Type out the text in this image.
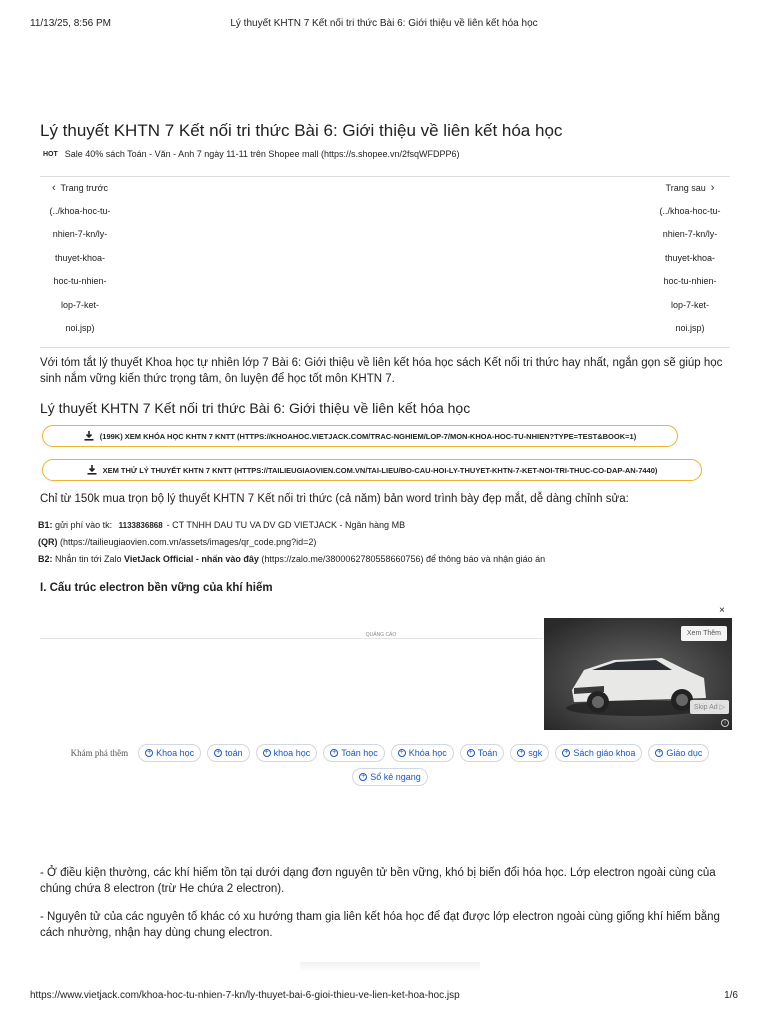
11/13/25, 8:56 PM	Lý thuyết KHTN 7 Kết nối tri thức Bài 6: Giới thiệu về liên kết hóa học
Lý thuyết KHTN 7 Kết nối tri thức Bài 6: Giới thiệu về liên kết hóa học
HOT Sale 40% sách Toán - Văn - Anh 7 ngày 11-11 trên Shopee mall (https://s.shopee.vn/2fsqWFDPP6)
‹ Trang trước
(../khoa-hoc-tu-
nhien-7-kn/ly-
thuyet-khoa-
hoc-tu-nhien-
lop-7-ket-
noi.jsp)
Trang sau ›
(../khoa-hoc-tu-
nhien-7-kn/ly-
thuyet-khoa-
hoc-tu-nhien-
lop-7-ket-
noi.jsp)

Với tóm tắt lý thuyết Khoa học tự nhiên lớp 7 Bài 6: Giới thiệu về liên kết hóa học sách Kết nối tri thức hay nhất, ngắn gọn sẽ giúp học sinh nắm vững kiến thức trọng tâm, ôn luyện để học tốt môn KHTN 7.

Lý thuyết KHTN 7 Kết nối tri thức Bài 6: Giới thiệu về liên kết hóa học
(199K) XEM KHÓA HỌC KHTN 7 KNTT (HTTPS://KHOAHOC.VIETJACK.COM/TRAC-NGHIEM/LOP-7/MON-KHOA-HOC-TU-NHIEN?TYPE=TEST&BOOK=1)
XEM THỬ LÝ THUYẾT KHTN 7 KNTT (HTTPS://TAILIEUGIAOVIEN.COM.VN/TAI-LIEU/BO-CAU-HOI-LY-THUYET-KHTN-7-KET-NOI-TRI-THUC-CO-DAP-AN-7440)

Chỉ từ 150k mua trọn bộ lý thuyết KHTN 7 Kết nối tri thức (cả năm) bản word trình bày đẹp mắt, dễ dàng chỉnh sửa:

B1: gửi phí vào tk: 1133836868 - CT TNHH DAU TU VA DV GD VIETJACK - Ngân hàng MB
(QR) (https://tailieugiaovien.com.vn/assets/images/qr_code.png?id=2)
B2: Nhắn tin tới Zalo VietJack Official - nhấn vào đây (https://zalo.me/3800062780558660756) để thông báo và nhận giáo án
I. Cấu trúc electron bền vững của khí hiếm
×
QUẢNG CÁO	Xem Thêm
Skip Ad ▷
i
Khám phá thêm	+ Khoa học	+ toán	+ khoa học	+ Toán học	+ Khóa học	+ Toán	+ sgk	+ Sách giáo khoa	+ Giáo dục
+ Sổ kẻ ngang

- Ở điều kiện thường, các khí hiếm tồn tại dưới dạng đơn nguyên tử bền vững, khó bị biến đổi hóa học. Lớp electron ngoài cùng của chúng chứa 8 electron (trừ He chứa 2 electron).

- Nguyên tử của các nguyên tố khác có xu hướng tham gia liên kết hóa học để đạt được lớp electron ngoài cùng giống khí hiếm bằng cách nhường, nhận hay dùng chung electron.

https://www.vietjack.com/khoa-hoc-tu-nhien-7-kn/ly-thuyet-bai-6-gioi-thieu-ve-lien-ket-hoa-hoc.jsp	1/6
